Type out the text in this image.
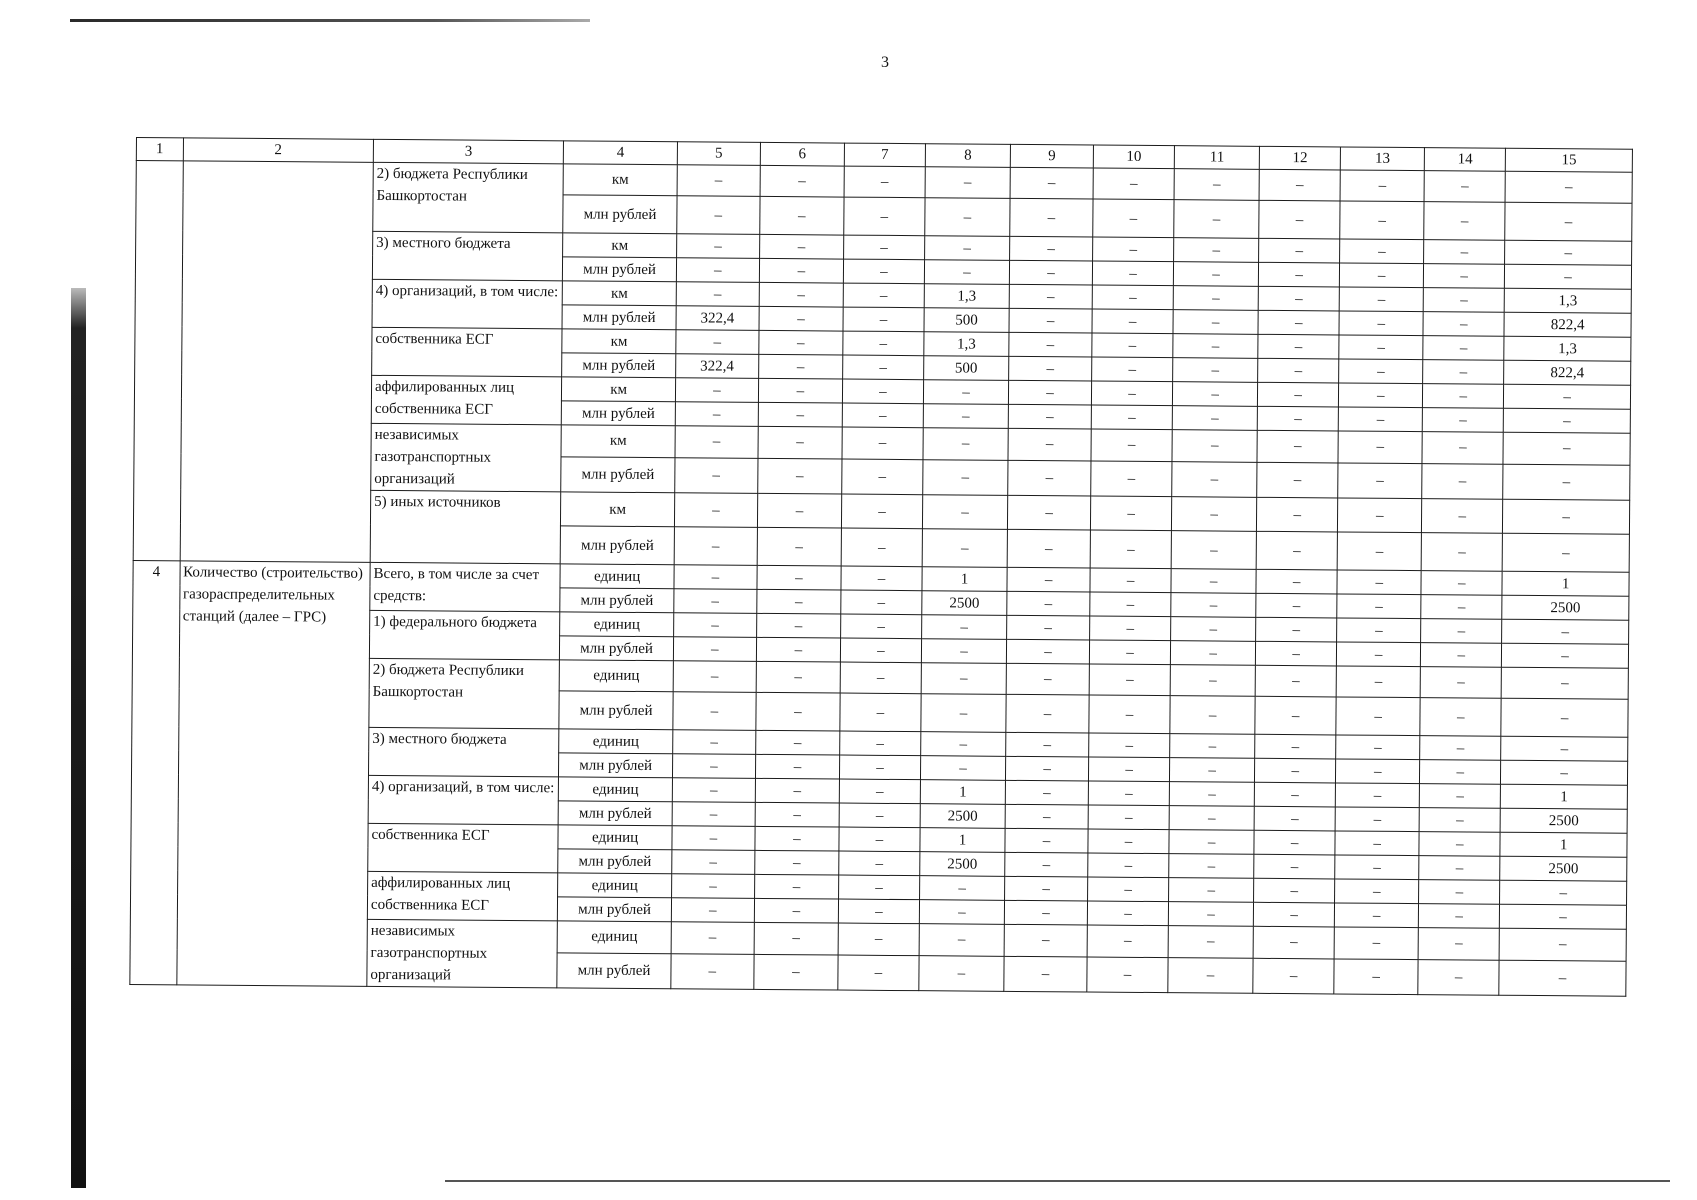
3
1	2	3	4	5	6	7	8	9	10	11	12	13	14	15
		2) бюджета Республики Башкортостан	км	–	–	–	–	–	–	–	–	–	–	–
			млн рублей	–	–	–	–	–	–	–	–	–	–	–
		3) местного бюджета	км	–	–	–	–	–	–	–	–	–	–	–
			млн рублей	–	–	–	–	–	–	–	–	–	–	–
		4) организаций, в том числе:	км	–	–	–	1,3	–	–	–	–	–	–	1,3
			млн рублей	322,4	–	–	500	–	–	–	–	–	–	822,4
		собственника ЕСГ	км	–	–	–	1,3	–	–	–	–	–	–	1,3
			млн рублей	322,4	–	–	500	–	–	–	–	–	–	822,4
		аффилированных лиц собственника ЕСГ	км	–	–	–	–	–	–	–	–	–	–	–
			млн рублей	–	–	–	–	–	–	–	–	–	–	–
		независимых газотранспортных организаций	км	–	–	–	–	–	–	–	–	–	–	–
			млн рублей	–	–	–	–	–	–	–	–	–	–	–
		5) иных источников	км	–	–	–	–	–	–	–	–	–	–	–
			млн рублей	–	–	–	–	–	–	–	–	–	–	–
4	Количество (строительство) газораспределительных станций (далее – ГРС)	Всего, в том числе за счет средств:	единиц	–	–	–	1	–	–	–	–	–	–	1
			млн рублей	–	–	–	2500	–	–	–	–	–	–	2500
		1) федерального бюджета	единиц	–	–	–	–	–	–	–	–	–	–	–
			млн рублей	–	–	–	–	–	–	–	–	–	–	–
		2) бюджета Республики Башкортостан	единиц	–	–	–	–	–	–	–	–	–	–	–
			млн рублей	–	–	–	–	–	–	–	–	–	–	–
		3) местного бюджета	единиц	–	–	–	–	–	–	–	–	–	–	–
			млн рублей	–	–	–	–	–	–	–	–	–	–	–
		4) организаций, в том числе:	единиц	–	–	–	1	–	–	–	–	–	–	1
			млн рублей	–	–	–	2500	–	–	–	–	–	–	2500
		собственника ЕСГ	единиц	–	–	–	1	–	–	–	–	–	–	1
			млн рублей	–	–	–	2500	–	–	–	–	–	–	2500
		аффилированных лиц собственника ЕСГ	единиц	–	–	–	–	–	–	–	–	–	–	–
			млн рублей	–	–	–	–	–	–	–	–	–	–	–
		независимых газотранспортных организаций	единиц	–	–	–	–	–	–	–	–	–	–	–
			млн рублей	–	–	–	–	–	–	–	–	–	–	–
